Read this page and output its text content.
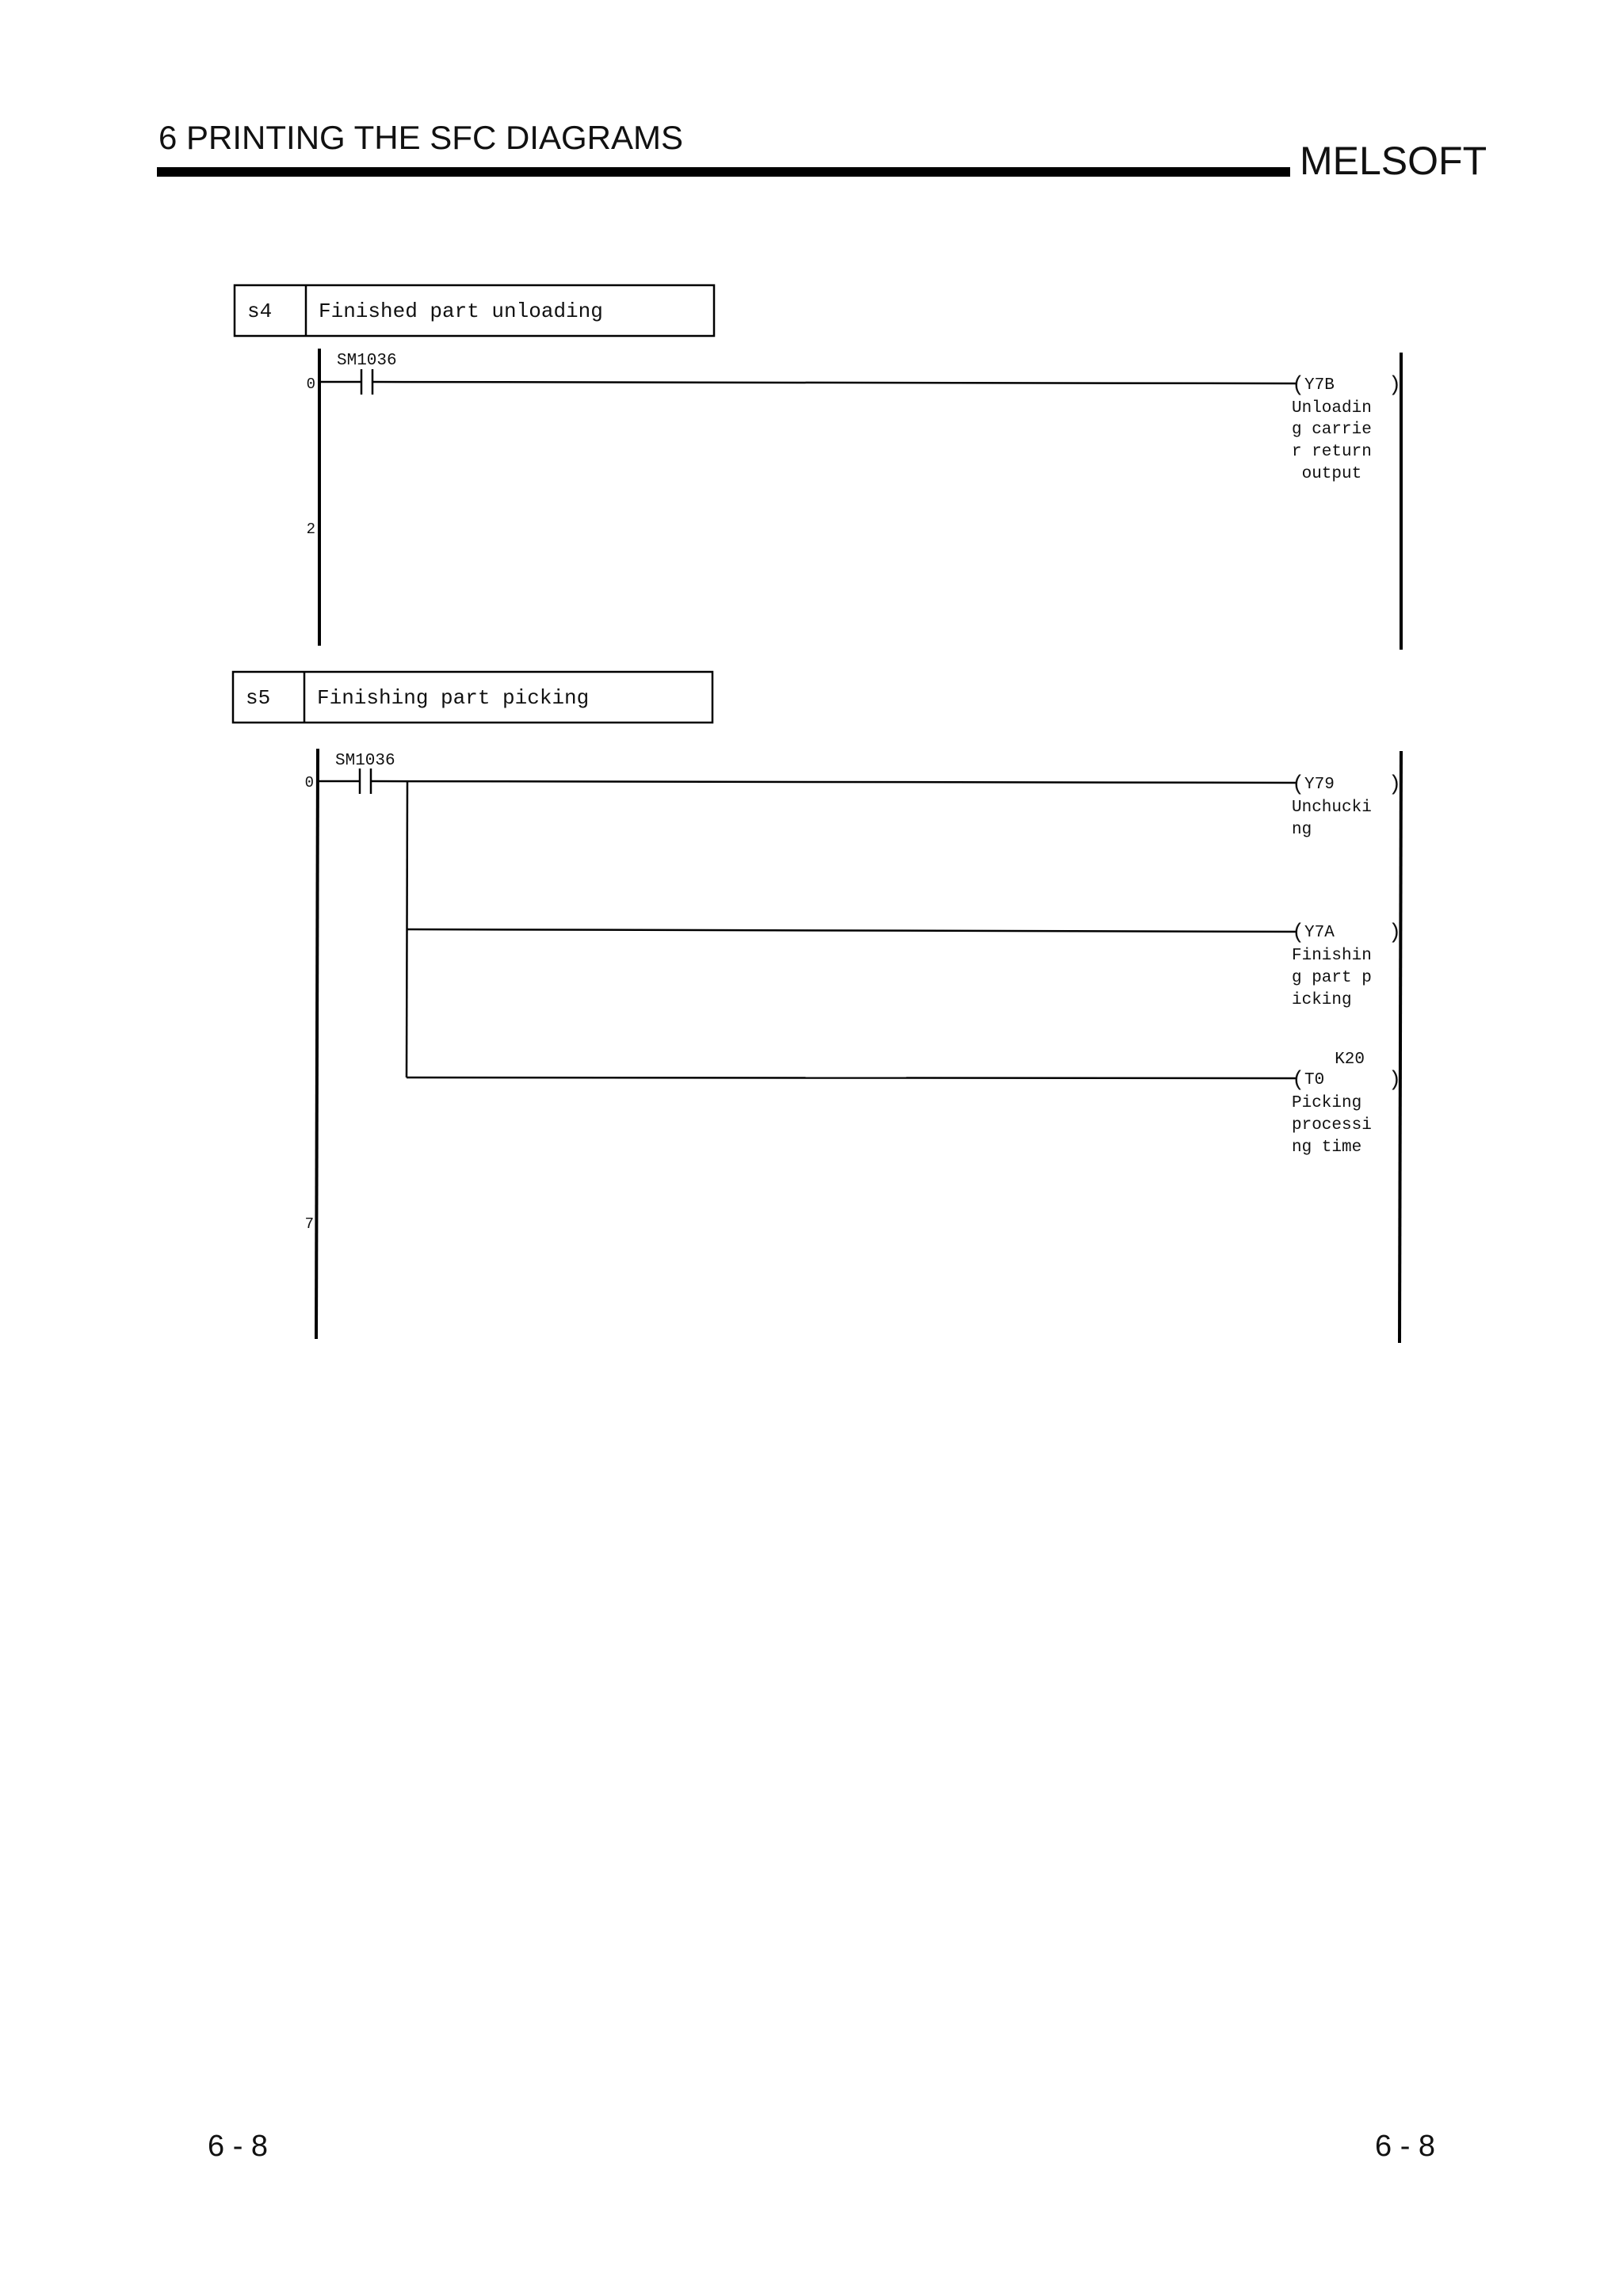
6 PRINTING THE SFC DIAGRAMS
MELSOFT
s4 Finished part unloading
0
2
SM1036
(	)
Y7B
Unloadin
g carrie
r return
output
s5 Finishing part picking
0
7
SM1036
(	)
Y79
Unchucki
ng
(	)
Y7A
Finishin
g part p
icking
K20
(	)
T0
Picking
processi
ng time
6 - 8	6 - 8
